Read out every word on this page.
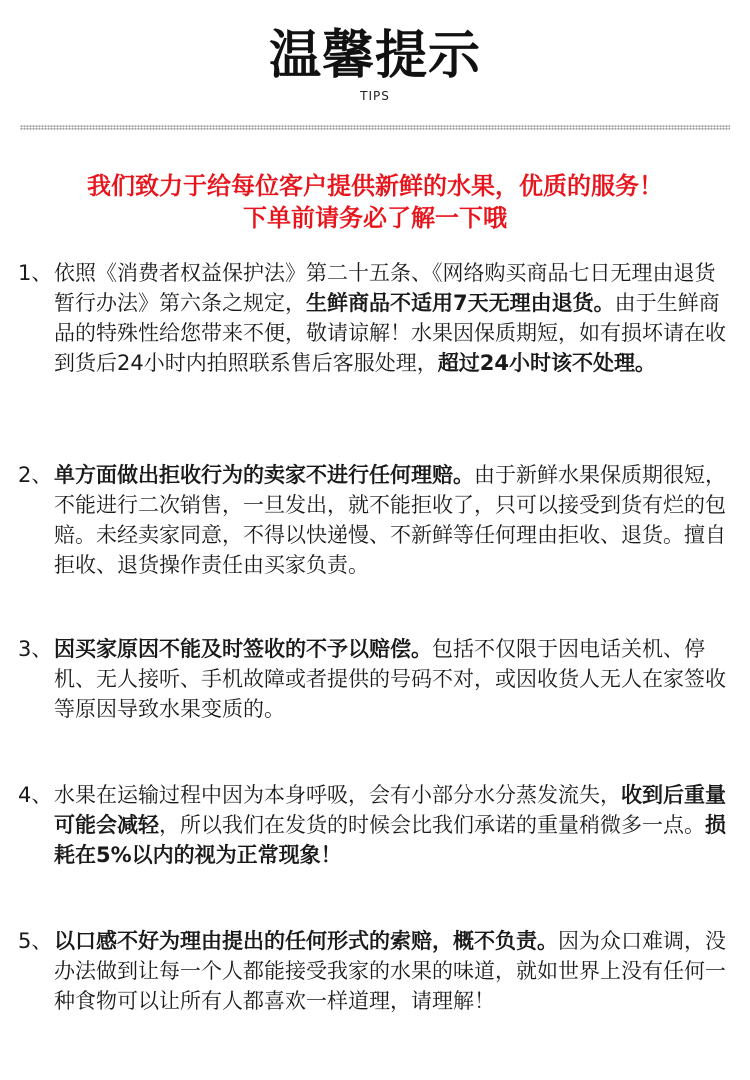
温馨提示
TIPS
我们致力于给每位客户提供新鲜的水果，优质的服务！
下单前请务必了解一下哦
1、 依照《消费者权益保护法》第二十五条、《网络购买商品七日无理由退货暂行办法》第六条之规定，生鲜商品不适用7天无理由退货。由于生鲜商品的特殊性给您带来不便，敬请谅解！水果因保质期短，如有损坏请在收到货后24小时内拍照联系售后客服处理，超过24小时该不处理。
2、 单方面做出拒收行为的卖家不进行任何理赔。由于新鲜水果保质期很短，不能进行二次销售，一旦发出，就不能拒收了，只可以接受到货有烂的包赔。未经卖家同意，不得以快递慢、不新鲜等任何理由拒收、退货。擅自拒收、退货操作责任由买家负责。
3、 因买家原因不能及时签收的不予以赔偿。包括不仅限于因电话关机、停机、无人接听、手机故障或者提供的号码不对，或因收货人无人在家签收等原因导致水果变质的。
4、 水果在运输过程中因为本身呼吸，会有小部分水分蒸发流失，收到后重量可能会减轻，所以我们在发货的时候会比我们承诺的重量稍微多一点。损耗在5%以内的视为正常现象！
5、 以口感不好为理由提出的任何形式的索赔，概不负责。因为众口难调，没办法做到让每一个人都能接受我家的水果的味道，就如世界上没有任何一种食物可以让所有人都喜欢一样道理，请理解！
